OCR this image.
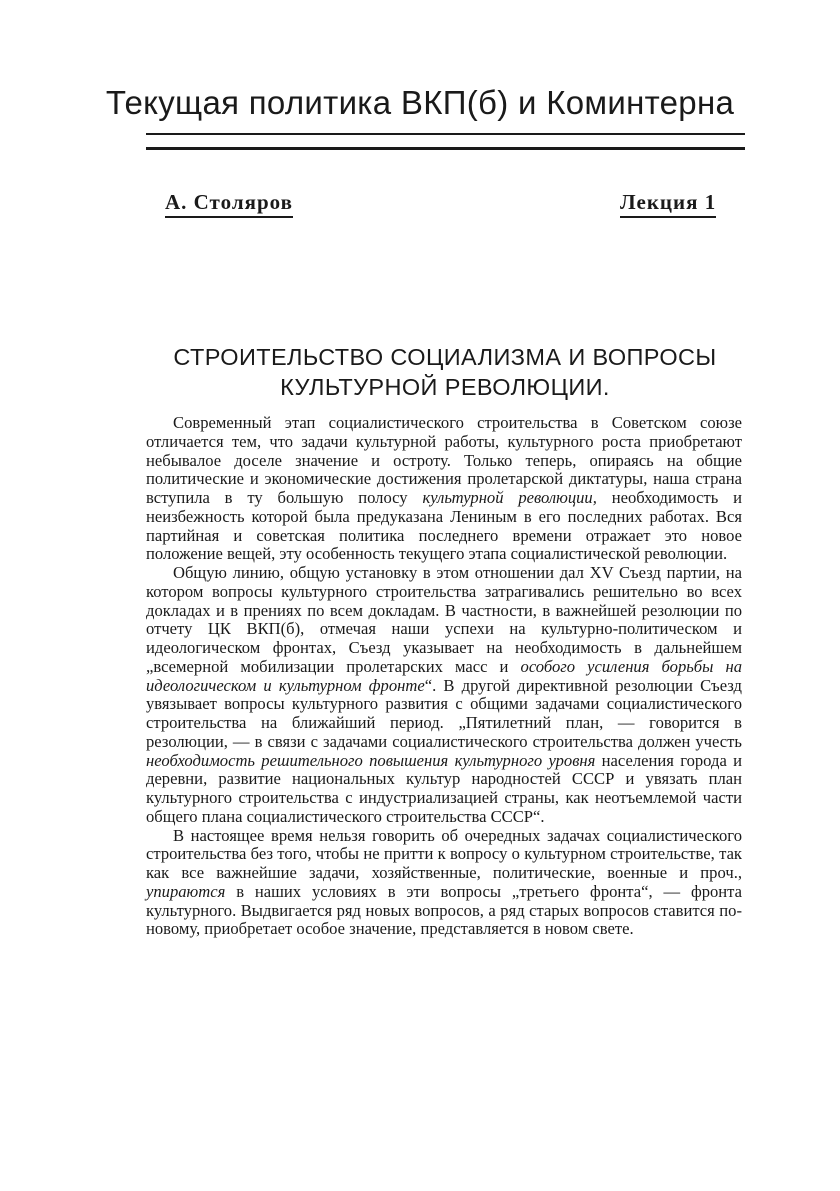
Текущая политика ВКП(б) и Коминтерна
А. Столяров	Лекция 1
СТРОИТЕЛЬСТВО СОЦИАЛИЗМА И ВОПРОСЫ
КУЛЬТУРНОЙ РЕВОЛЮЦИИ.

Современный этап социалистического строительства в Советском союзе отличается тем, что задачи культурной работы, культурного роста приобретают небывалое доселе значение и остроту. Только теперь, опираясь на общие политические и экономические достижения пролетарской диктатуры, наша страна вступила в ту большую полосу культурной революции, необходимость и неизбежность которой была предуказана Лениным в его последних работах. Вся партийная и советская политика последнего времени отражает это новое положение вещей, эту особенность текущего этапа социалистической революции.

Общую линию, общую установку в этом отношении дал XV Съезд партии, на котором вопросы культурного строительства затрагивались решительно во всех докладах и в прениях по всем докладам. В частности, в важнейшей резолюции по отчету ЦК ВКП(б), отмечая наши успехи на культурно-политическом и идеологическом фронтах, Съезд указывает на необходимость в дальнейшем „всемерной мобилизации пролетарских масс и особого усиления борьбы на идеологическом и культурном фронте“. В другой директивной резолюции Съезд увязывает вопросы культурного развития с общими задачами социалистического строительства на ближайший период. „Пятилетний план, — говорится в резолюции, — в связи с задачами социалистического строительства должен учесть необходимость решительного повышения культурного уровня населения города и деревни, развитие национальных культур народностей СССР и увязать план культурного строительства с индустриализацией страны, как неотъемлемой части общего плана социалистического строительства СССР“.

В настоящее время нельзя говорить об очередных задачах социалистического строительства без того, чтобы не притти к вопросу о культурном строительстве, так как все важнейшие задачи, хозяйственные, политические, военные и проч., упираются в наших условиях в эти вопросы „третьего фронта“, — фронта культурного. Выдвигается ряд новых вопросов, а ряд старых вопросов ставится по-новому, приобретает особое значение, представляется в новом свете.
